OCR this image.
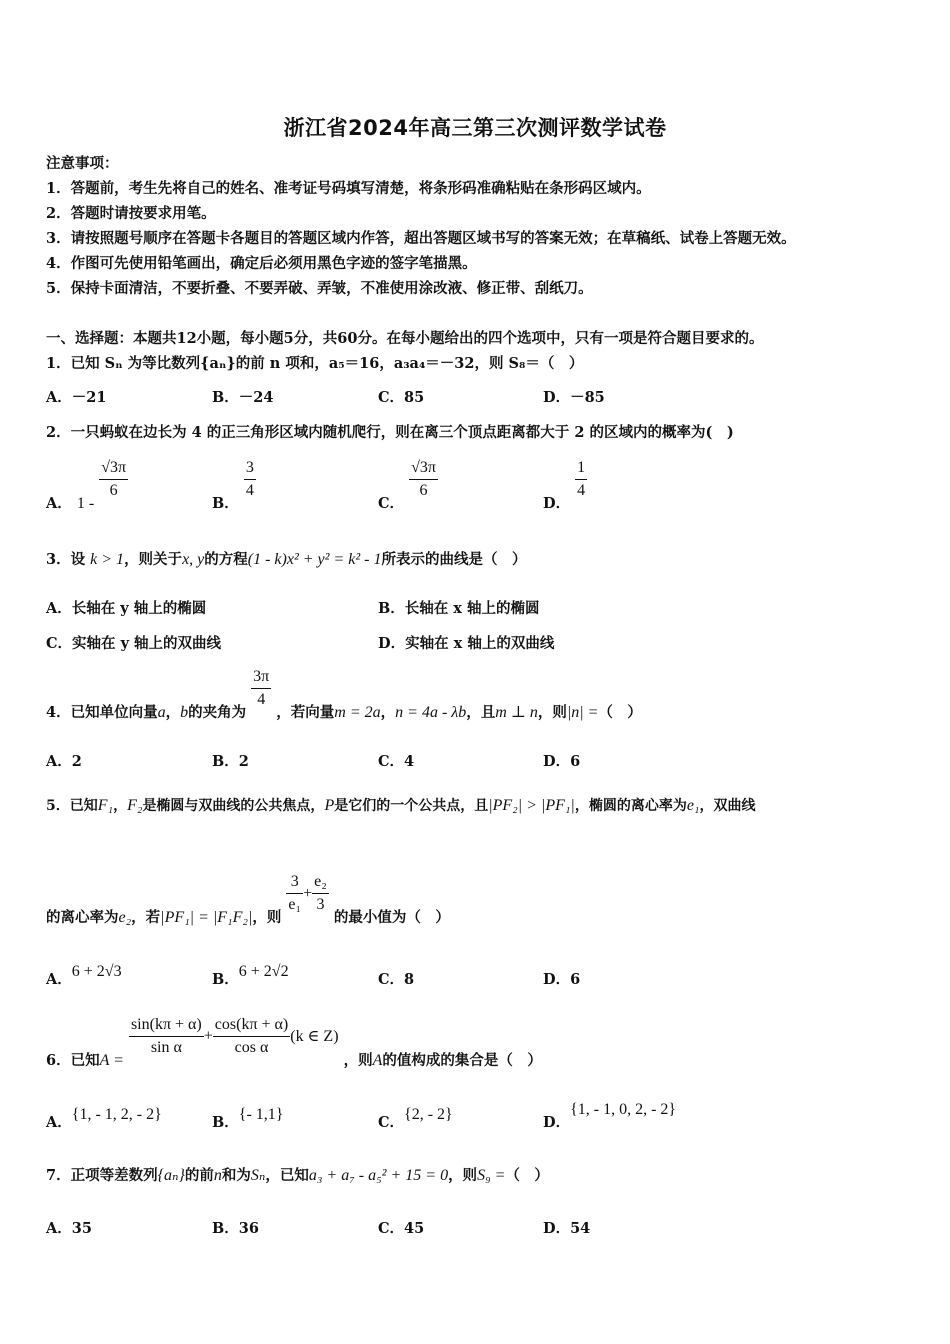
浙江省2024年高三第三次测评数学试卷
注意事项：
1．答题前，考生先将自己的姓名、准考证号码填写清楚，将条形码准确粘贴在条形码区域内。
2．答题时请按要求用笔。
3．请按照题号顺序在答题卡各题目的答题区域内作答，超出答题区域书写的答案无效；在草稿纸、试卷上答题无效。
4．作图可先使用铅笔画出，确定后必须用黑色字迹的签字笔描黑。
5．保持卡面清洁，不要折叠、不要弄破、弄皱，不准使用涂改液、修正带、刮纸刀。
一、选择题：本题共12小题，每小题5分，共60分。在每小题给出的四个选项中，只有一项是符合题目要求的。
1．已知 Sₙ 为等比数列{aₙ}的前 n 项和，a₅＝16，a₃a₄＝－32，则 S₈＝（　）
A．－21	B．－24	C．85	D．－85
2．一只蚂蚁在边长为 4 的正三角形区域内随机爬行，则在离三个顶点距离都大于 2 的区域内的概率为(　)
A． 1 -
$\frac{√3\pi}{6}$
B．
$\frac{3}{4}$
C．
$\frac{√3\pi}{6}$
D．
$\frac{1}{4}$
3．设 k > 1，则关于x, y的方程(1 - k)x² + y² = k² - 1所表示的曲线是（　）
A．长轴在 y 轴上的椭圆	B．长轴在 x 轴上的椭圆
C．实轴在 y 轴上的双曲线	D．实轴在 x 轴上的双曲线
4．已知单位向量a，b的夹角为
$\frac{3\pi}{4}$
，若向量m = 2a，n = 4a - λb，且m ⊥ n，则|n| =（　）
A．2	B．2	C．4	D．6
5．已知F₁，F₂是椭圆与双曲线的公共焦点，P是它们的一个公共点，且|PF₂| > |PF₁|，椭圆的离心率为e₁，双曲线
的离心率为e₂，若|PF₁| = |F₁F₂|，则
$\frac{3}{\text{e₁}} + \frac{\text{e₂}}{3}$
的最小值为（　）
A．6 + 2√3	B．6 + 2√2	C．8	D．6
6．已知A =
$\frac{\sin(k\pi + \alpha)}{\text{sin α}} + \frac{\cos(k\pi + \alpha)}{\text{cos α}} (k$ ∈ Z) ，则A的值构成的集合是（　）
A．{1, - 1, 2, - 2}	B．{- 1,1}	C．{2, - 2}	D．{1, - 1, 0, 2, - 2}
7．正项等差数列{aₙ}的前n和为Sₙ，已知a₃ + a₇ - a₅² + 15 = 0，则S₉ =（　）
A．35	B．36	C．45	D．54
